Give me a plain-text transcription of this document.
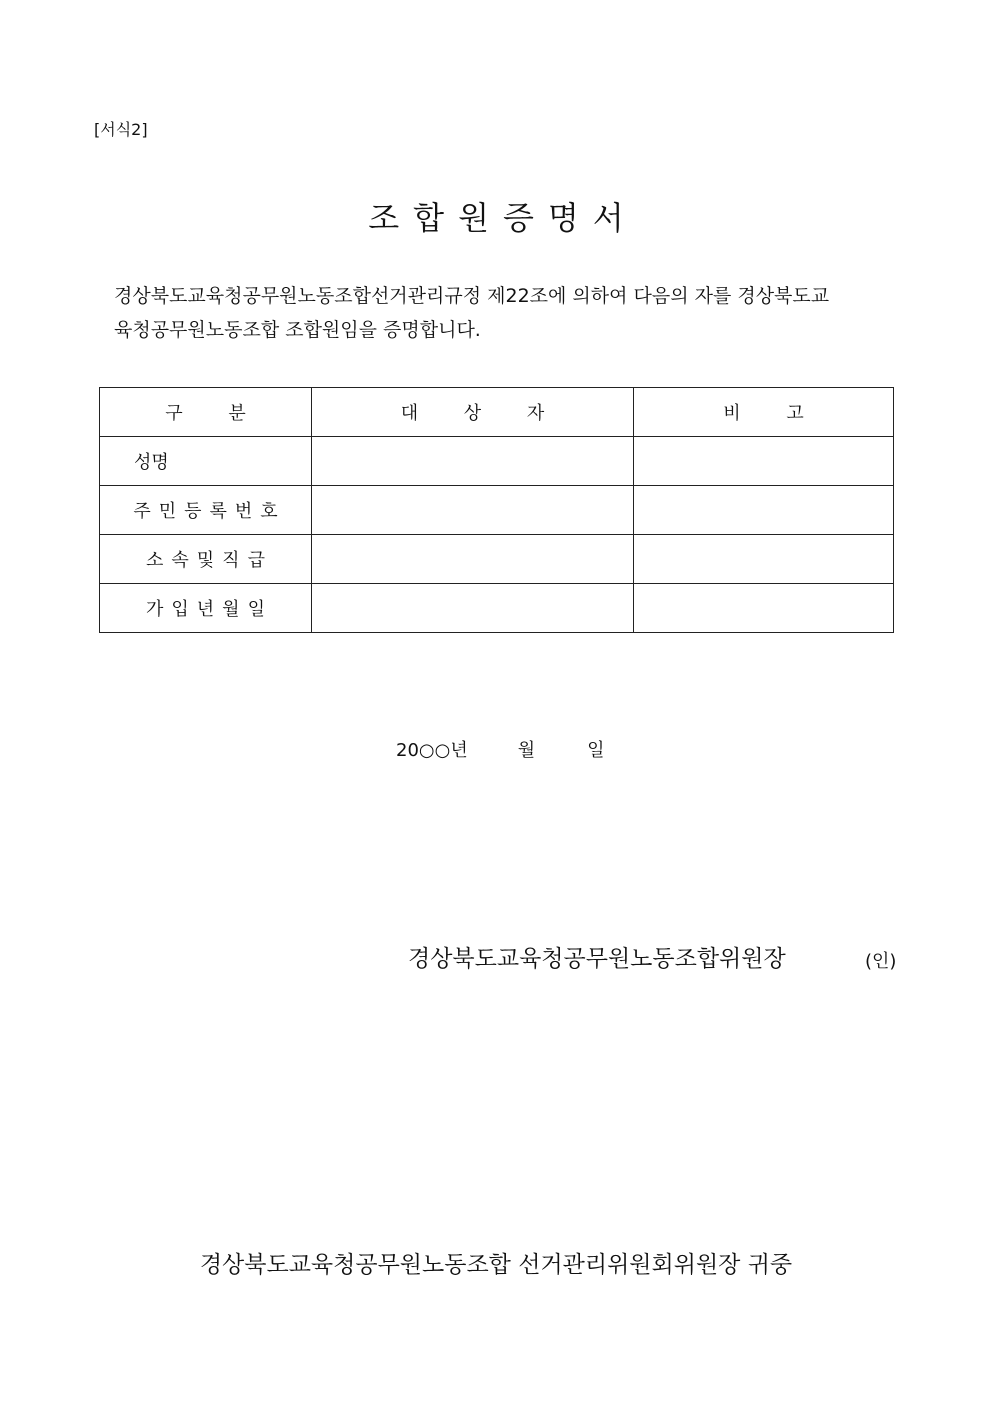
[서식2]

조합원증명서
경상북도교육청공무원노동조합선거관리규정 제22조에 의하여 다음의 자를 경상북도교
육청공무원노동조합 조합원임을 증명합니다.
구 분	대 상 자	비 고

성명		

주민등록번호		
소속및직급		
가입년월일		

20○○년	월	일

경상북도교육청공무원노동조합위원장	(인)

경상북도교육청공무원노동조합 선거관리위원회위원장 귀중
